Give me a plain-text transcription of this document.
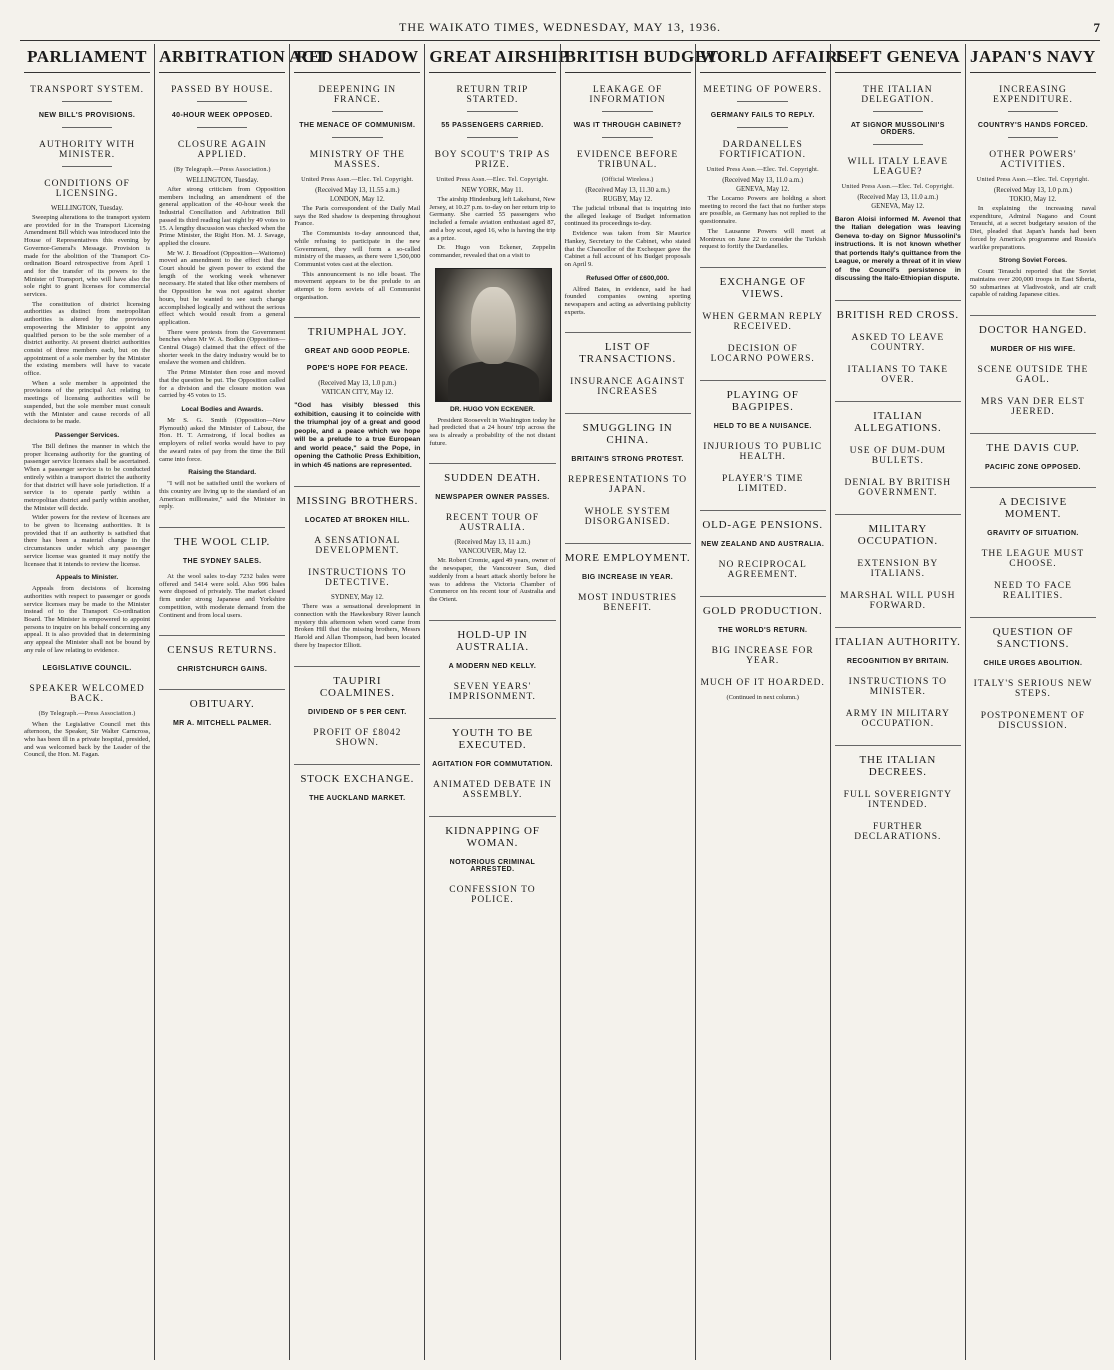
THE WAIKATO TIMES, WEDNESDAY, MAY 13, 1936.	7
PARLIAMENT
TRANSPORT SYSTEM.
NEW BILL'S PROVISIONS.
AUTHORITY WITH MINISTER.
CONDITIONS OF LICENSING.
WELLINGTON, Tuesday.

Sweeping alterations to the transport system are provided for in the Transport Licensing Amendment Bill which was introduced into the House of Representatives this evening by Governor-General's Message. Provision is made for the abolition of the Transport Co-ordination Board retrospective from April 1 and for the transfer of its powers to the Minister of Transport, who will have also the sole right to grant licenses for commercial services.

The constitution of district licensing authorities as distinct from metropolitan authorities is altered by the provision empowering the Minister to appoint any qualified person to be the sole member of a district authority. At present district authorities consist of three members each, but on the appointment of a sole member by the Minister the existing members will have to vacate office.

When a sole member is appointed the provisions of the principal Act relating to meetings of licensing authorities will be suspended, but the sole member must consult with the Minister and cause records of all decisions to be made.

Passenger Services.

The Bill defines the manner in which the proper licensing authority for the granting of passenger service licenses shall be ascertained. When a passenger service is to be conducted entirely within a transport district the authority for that district will have sole jurisdiction. If a service is to operate partly within a metropolitan district and partly within another, the Minister will decide.

Wider powers for the review of licenses are to be given to licensing authorities. It is provided that if an authority is satisfied that there has been a material change in the circumstances under which any passenger service license was granted it may notify the licensee that it intends to review the license.

Appeals to Minister.

Appeals from decisions of licensing authorities with respect to passenger or goods service licenses may be made to the Minister instead of to the Transport Co-ordination Board. The Minister is empowered to appoint persons to inquire on his behalf concerning any appeal. It is also provided that in determining any appeal the Minister shall not be bound by any rule of law relating to evidence.

LEGISLATIVE COUNCIL.
SPEAKER WELCOMED BACK.
(By Telegraph.—Press Association.)

When the Legislative Council met this afternoon, the Speaker, Sir Walter Carncross, who has been ill in a private hospital, presided, and was welcomed back by the Leader of the Council, the Hon. M. Fagan.

ARBITRATION ACT
PASSED BY HOUSE.
40-HOUR WEEK OPPOSED.
CLOSURE AGAIN APPLIED.
(By Telegraph.—Press Association.)
WELLINGTON, Tuesday.

After strong criticism from Opposition members including an amendment of the general application of the 40-hour week the Industrial Conciliation and Arbitration Bill passed its third reading last night by 49 votes to 15. A lengthy discussion was checked when the Prime Minister, the Right Hon. M. J. Savage, applied the closure.

Mr W. J. Broadfoot (Opposition—Waitomo) moved an amendment to the effect that the Court should be given power to extend the length of the working week whenever necessary. He stated that like other members of the Opposition he was not against shorter hours, but he wanted to see such change accomplished logically and without the serious effect which would result from a general application.

There were protests from the Government benches when Mr W. A. Bodkin (Opposition—Central Otago) claimed that the effect of the shorter week in the dairy industry would be to enslave the women and children.

The Prime Minister then rose and moved that the question be put. The Opposition called for a division and the closure motion was carried by 45 votes to 15.

Local Bodies and Awards.

Mr S. G. Smith (Opposition—New Plymouth) asked the Minister of Labour, the Hon. H. T. Armstrong, if local bodies as employers of relief works would have to pay the award rates of pay from the time the Bill came into force.

Raising the Standard.

"I will not be satisfied until the workers of this country are living up to the standard of an American millionaire," said the Minister in reply.

THE WOOL CLIP.
THE SYDNEY SALES.

At the wool sales to-day 7232 bales were offered and 5414 were sold. Also 996 bales were disposed of privately. The market closed firm under strong Japanese and Yorkshire competition, with moderate demand from the Continent and from local users.

CENSUS RETURNS.
CHRISTCHURCH GAINS.
OBITUARY.
MR A. MITCHELL PALMER.
RED SHADOW
DEEPENING IN FRANCE.
THE MENACE OF COMMUNISM.
MINISTRY OF THE MASSES.
United Press Assn.—Elec. Tel. Copyright.
(Received May 13, 11.55 a.m.)
LONDON, May 12.

The Paris correspondent of the Daily Mail says the Red shadow is deepening throughout France.

The Communists to-day announced that, while refusing to participate in the new Government, they will form a so-called ministry of the masses, as there were 1,500,000 Communist votes cast at the election.

This announcement is no idle boast. The movement appears to be the prelude to an attempt to form soviets of all Communist organisation.

TRIUMPHAL JOY.
GREAT AND GOOD PEOPLE.
POPE'S HOPE FOR PEACE.
(Received May 13, 1.0 p.m.)
VATICAN CITY, May 12.

"God has visibly blessed this exhibition, causing it to coincide with the triumphal joy of a great and good people, and a peace which we hope will be a prelude to a true European and world peace," said the Pope, in opening the Catholic Press Exhibition, in which 45 nations are represented.

MISSING BROTHERS.
LOCATED AT BROKEN HILL.
A SENSATIONAL DEVELOPMENT.
INSTRUCTIONS TO DETECTIVE.
SYDNEY, May 12.

There was a sensational development in connection with the Hawkesbury River launch mystery this afternoon when word came from Broken Hill that the missing brothers, Messrs Harold and Allan Thompson, had been located there by Inspector Elliott.

TAUPIRI COALMINES.
DIVIDEND OF 5 PER CENT.
PROFIT OF £8042 SHOWN.
STOCK EXCHANGE.
THE AUCKLAND MARKET.
GREAT AIRSHIP
RETURN TRIP STARTED.
55 PASSENGERS CARRIED.
BOY SCOUT'S TRIP AS PRIZE.
United Press Assn.—Elec. Tel. Copyright.
NEW YORK, May 11.

The airship Hindenburg left Lakehurst, New Jersey, at 10.27 p.m. to-day on her return trip to Germany. She carried 55 passengers who included a female aviation enthusiast aged 87, and a boy scout, aged 16, who is having the trip as a prize.

Dr. Hugo von Eckener, Zeppelin commander, revealed that on a visit to

DR. HUGO VON ECKENER.

President Roosevelt in Washington today he had predicted that a 24 hours' trip across the sea is already a probability of the not distant future.

SUDDEN DEATH.
NEWSPAPER OWNER PASSES.
RECENT TOUR OF AUSTRALIA.
(Received May 13, 11 a.m.)
VANCOUVER, May 12.

Mr. Robert Cromie, aged 49 years, owner of the newspaper, the Vancouver Sun, died suddenly from a heart attack shortly before he was to address the Victoria Chamber of Commerce on his recent tour of Australia and the Orient.

HOLD-UP IN AUSTRALIA.
A MODERN NED KELLY.
SEVEN YEARS' IMPRISONMENT.
YOUTH TO BE EXECUTED.
AGITATION FOR COMMUTATION.
ANIMATED DEBATE IN ASSEMBLY.
KIDNAPPING OF WOMAN.
NOTORIOUS CRIMINAL ARRESTED.
CONFESSION TO POLICE.
BRITISH BUDGET
LEAKAGE OF INFORMATION
WAS IT THROUGH CABINET?
EVIDENCE BEFORE TRIBUNAL.
(Official Wireless.)
(Received May 13, 11.30 a.m.)
RUGBY, May 12.

The judicial tribunal that is inquiring into the alleged leakage of Budget information continued its proceedings to-day.

Evidence was taken from Sir Maurice Hankey, Secretary to the Cabinet, who stated that the Chancellor of the Exchequer gave the Cabinet a full account of his Budget proposals on April 9.

Refused Offer of £600,000.

Alfred Bates, in evidence, said he had founded companies owning sporting newspapers and acting as advertising publicity experts.

LIST OF TRANSACTIONS.
INSURANCE AGAINST INCREASES
SMUGGLING IN CHINA.
BRITAIN'S STRONG PROTEST.
REPRESENTATIONS TO JAPAN.
WHOLE SYSTEM DISORGANISED.
MORE EMPLOYMENT.
BIG INCREASE IN YEAR.
MOST INDUSTRIES BENEFIT.
WORLD AFFAIRS
MEETING OF POWERS.
GERMANY FAILS TO REPLY.
DARDANELLES FORTIFICATION.
United Press Assn.—Elec. Tel. Copyright.
(Received May 13, 11.0 a.m.)
GENEVA, May 12.

The Locarno Powers are holding a short meeting to record the fact that no further steps are possible, as Germany has not replied to the questionnaire.

The Lausanne Powers will meet at Montreux on June 22 to consider the Turkish request to fortify the Dardanelles.

EXCHANGE OF VIEWS.
WHEN GERMAN REPLY RECEIVED.
DECISION OF LOCARNO POWERS.
PLAYING OF BAGPIPES.
HELD TO BE A NUISANCE.
INJURIOUS TO PUBLIC HEALTH.
PLAYER'S TIME LIMITED.
OLD-AGE PENSIONS.
NEW ZEALAND AND AUSTRALIA.
NO RECIPROCAL AGREEMENT.
GOLD PRODUCTION.
THE WORLD'S RETURN.
BIG INCREASE FOR YEAR.
MUCH OF IT HOARDED.
(Continued in next column.)
LEFT GENEVA
THE ITALIAN DELEGATION.
AT SIGNOR MUSSOLINI'S ORDERS.
WILL ITALY LEAVE LEAGUE?
United Press Assn.—Elec. Tel. Copyright.
(Received May 13, 11.0 a.m.)
GENEVA, May 12.

Baron Aloisi informed M. Avenol that the Italian delegation was leaving Geneva to-day on Signor Mussolini's instructions. It is not known whether that portends Italy's quittance from the League, or merely a threat of it in view of the Council's persistence in discussing the Italo-Ethiopian dispute.

BRITISH RED CROSS.
ASKED TO LEAVE COUNTRY.
ITALIANS TO TAKE OVER.
ITALIAN ALLEGATIONS.
USE OF DUM-DUM BULLETS.
DENIAL BY BRITISH GOVERNMENT.
MILITARY OCCUPATION.
EXTENSION BY ITALIANS.
MARSHAL WILL PUSH FORWARD.
ITALIAN AUTHORITY.
RECOGNITION BY BRITAIN.
INSTRUCTIONS TO MINISTER.
ARMY IN MILITARY OCCUPATION.
THE ITALIAN DECREES.
FULL SOVEREIGNTY INTENDED.
FURTHER DECLARATIONS.
JAPAN'S NAVY
INCREASING EXPENDITURE.
COUNTRY'S HANDS FORCED.
OTHER POWERS' ACTIVITIES.
United Press Assn.—Elec. Tel. Copyright.
(Received May 13, 1.0 p.m.)
TOKIO, May 12.

In explaining the increasing naval expenditure, Admiral Nagano and Count Terauchi, at a secret budgetary session of the Diet, pleaded that Japan's hands had been forced by America's programme and Russia's warlike preparations.

Strong Soviet Forces.

Count Terauchi reported that the Soviet maintains over 200,000 troops in East Siberia, 50 submarines at Vladivostok, and air craft capable of raiding Japanese cities.

DOCTOR HANGED.
MURDER OF HIS WIFE.
SCENE OUTSIDE THE GAOL.
MRS VAN DER ELST JEERED.
THE DAVIS CUP.
PACIFIC ZONE OPPOSED.
A DECISIVE MOMENT.
GRAVITY OF SITUATION.
THE LEAGUE MUST CHOOSE.
NEED TO FACE REALITIES.
QUESTION OF SANCTIONS.
CHILE URGES ABOLITION.
ITALY'S SERIOUS NEW STEPS.
POSTPONEMENT OF DISCUSSION.
